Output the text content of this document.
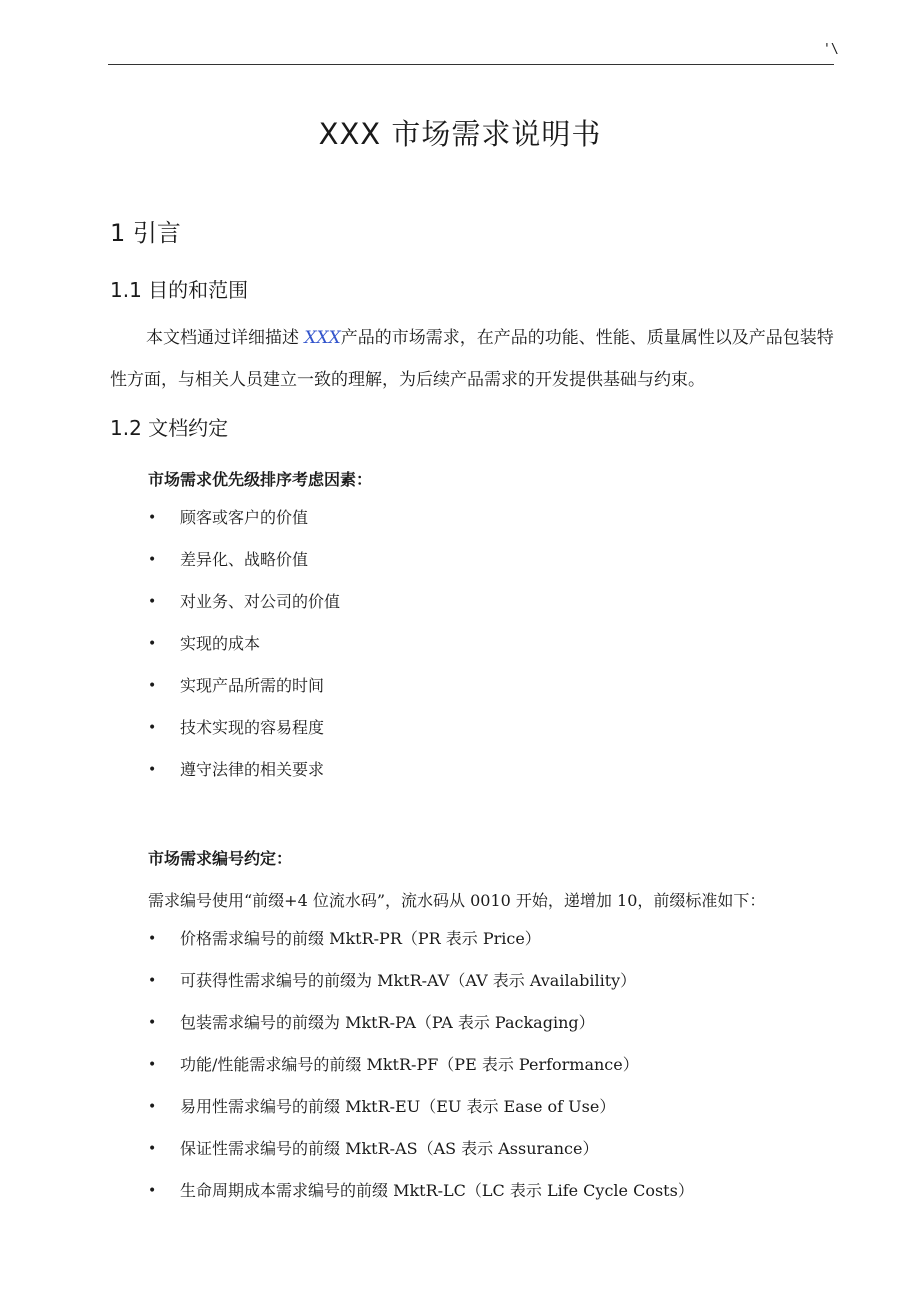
'\
XXX 市场需求说明书
1 引言
1.1 目的和范围
本文档通过详细描述 XXX产品的市场需求，在产品的功能、性能、质量属性以及产品包装特性方面，与相关人员建立一致的理解，为后续产品需求的开发提供基础与约束。
1.2 文档约定
市场需求优先级排序考虑因素：
• 顾客或客户的价值
• 差异化、战略价值
• 对业务、对公司的价值
• 实现的成本
• 实现产品所需的时间
• 技术实现的容易程度
• 遵守法律的相关要求
市场需求编号约定：
需求编号使用“前缀+4 位流水码”，流水码从 0010 开始，递增加 10，前缀标准如下：
• 价格需求编号的前缀 MktR-PR（PR 表示 Price）
• 可获得性需求编号的前缀为 MktR-AV（AV 表示 Availability）
• 包装需求编号的前缀为 MktR-PA（PA 表示 Packaging）
• 功能/性能需求编号的前缀 MktR-PF（PE 表示 Performance）
• 易用性需求编号的前缀 MktR-EU（EU 表示 Ease of Use）
• 保证性需求编号的前缀 MktR-AS（AS 表示 Assurance）
• 生命周期成本需求编号的前缀 MktR-LC（LC 表示 Life Cycle Costs）
